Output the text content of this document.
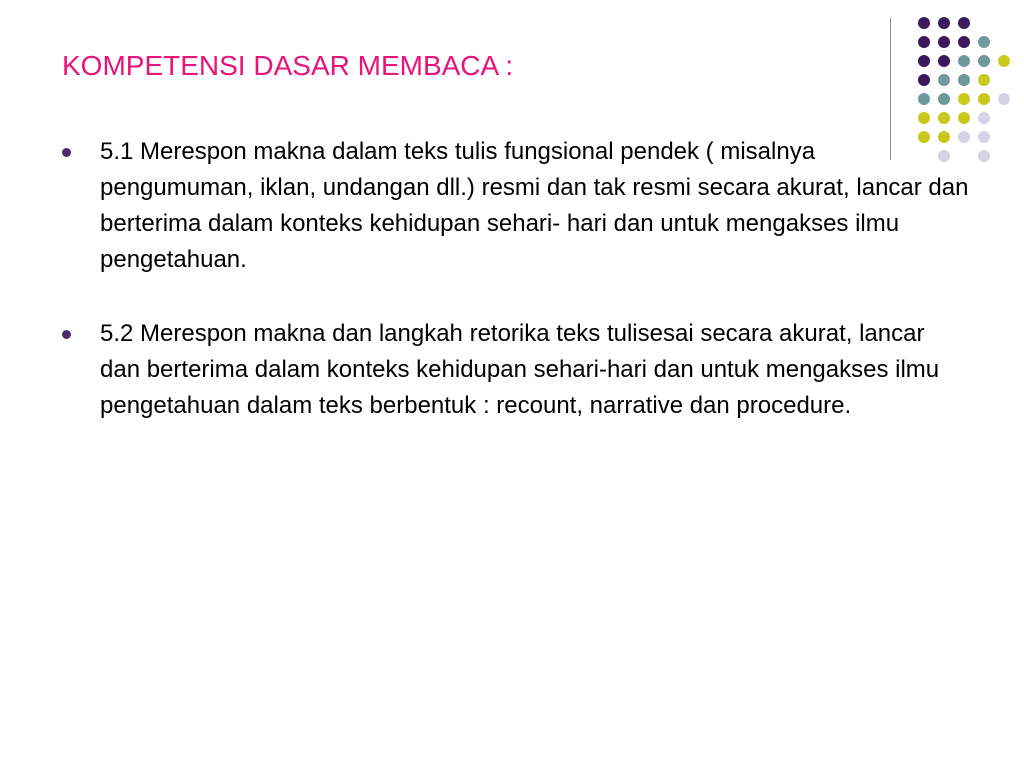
KOMPETENSI DASAR MEMBACA :
5.1 Merespon makna dalam teks tulis fungsional pendek ( misalnya pengumuman, iklan, undangan dll.) resmi dan tak resmi secara akurat, lancar dan berterima dalam konteks kehidupan sehari- hari dan untuk mengakses ilmu pengetahuan.
5.2 Merespon makna dan langkah retorika teks tulisesai secara akurat, lancar dan berterima dalam konteks kehidupan sehari-hari dan untuk mengakses ilmu pengetahuan dalam teks berbentuk : recount, narrative dan procedure.
